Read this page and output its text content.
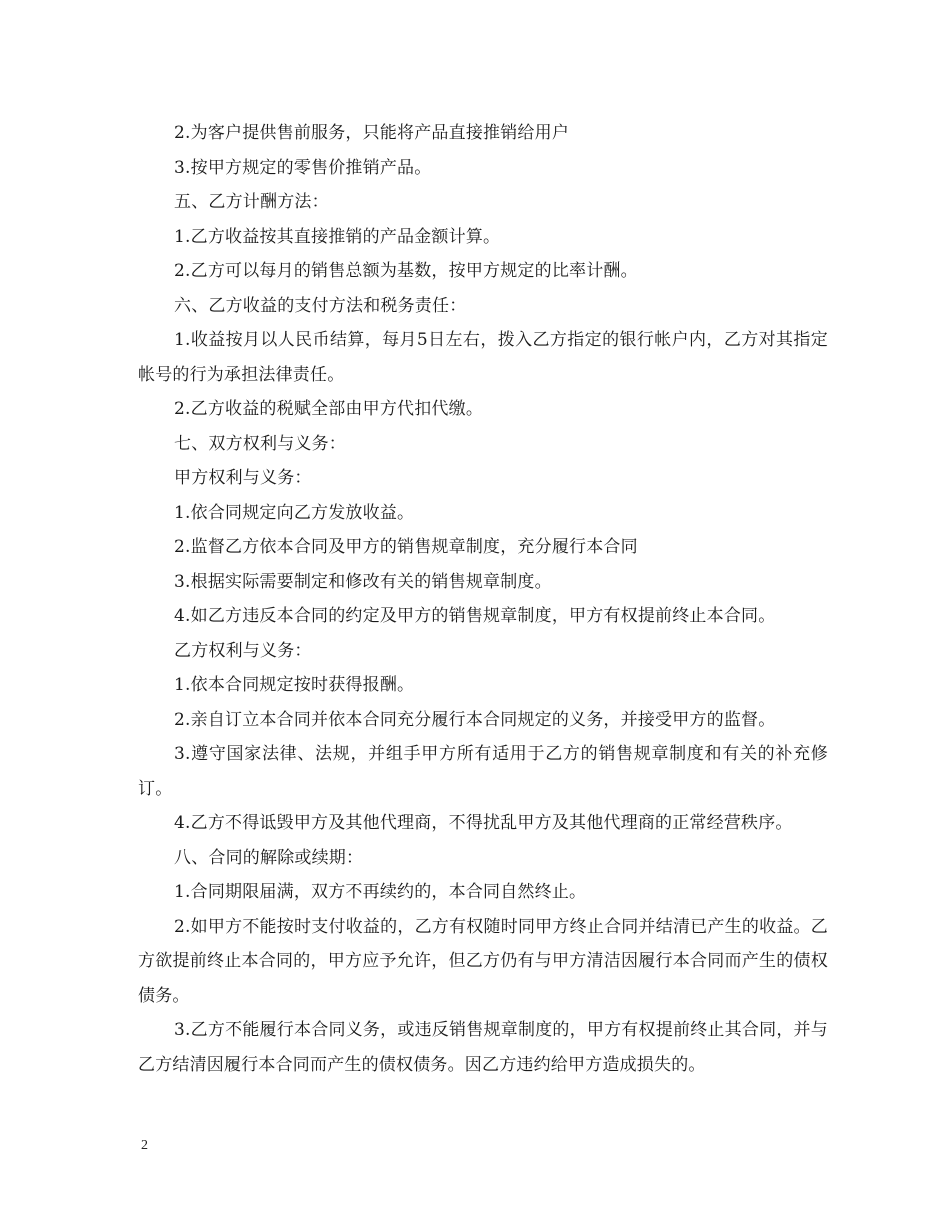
2.为客户提供售前服务，只能将产品直接推销给用户

3.按甲方规定的零售价推销产品。

五、乙方计酬方法：

1.乙方收益按其直接推销的产品金额计算。

2.乙方可以每月的销售总额为基数，按甲方规定的比率计酬。

六、乙方收益的支付方法和税务责任：

1.收益按月以人民币结算，每月5日左右，拨入乙方指定的银行帐户内，乙方对其指定帐号的行为承担法律责任。

2.乙方收益的税赋全部由甲方代扣代缴。

七、双方权利与义务：

甲方权利与义务：

1.依合同规定向乙方发放收益。

2.监督乙方依本合同及甲方的销售规章制度，充分履行本合同

3.根据实际需要制定和修改有关的销售规章制度。

4.如乙方违反本合同的约定及甲方的销售规章制度，甲方有权提前终止本合同。

乙方权利与义务：

1.依本合同规定按时获得报酬。

2.亲自订立本合同并依本合同充分履行本合同规定的义务，并接受甲方的监督。

3.遵守国家法律、法规，并组手甲方所有适用于乙方的销售规章制度和有关的补充修订。

4.乙方不得诋毁甲方及其他代理商，不得扰乱甲方及其他代理商的正常经营秩序。

八、合同的解除或续期：

1.合同期限届满，双方不再续约的，本合同自然终止。

2.如甲方不能按时支付收益的，乙方有权随时同甲方终止合同并结清已产生的收益。乙方欲提前终止本合同的，甲方应予允许，但乙方仍有与甲方清洁因履行本合同而产生的债权债务。

3.乙方不能履行本合同义务，或违反销售规章制度的，甲方有权提前终止其合同，并与乙方结清因履行本合同而产生的债权债务。因乙方违约给甲方造成损失的。

2
